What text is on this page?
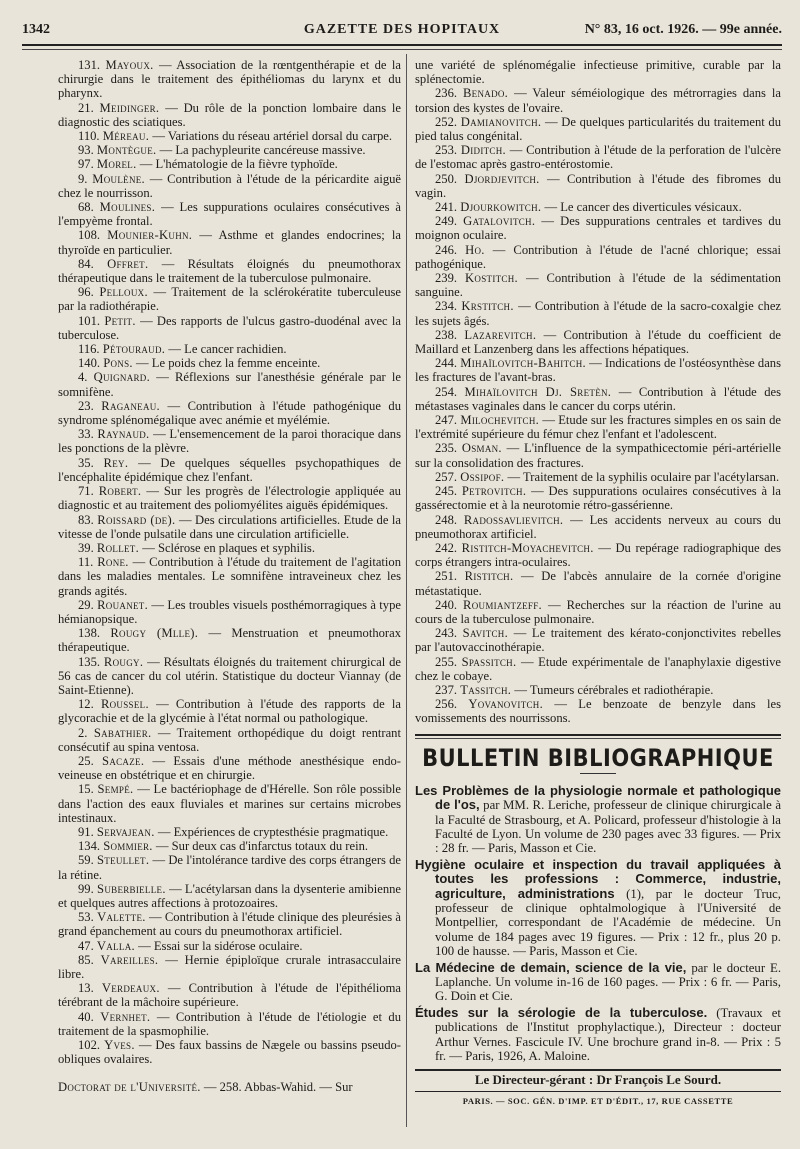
1342	GAZETTE DES HOPITAUX	N° 83, 16 oct. 1926. — 99e année.

131. Mayoux. — Association de la rœntgenthérapie et de la chirurgie dans le traitement des épithéliomas du larynx et du pharynx.

21. Meidinger. — Du rôle de la ponction lombaire dans le diagnostic des sciatiques.

110. Méreau. — Variations du réseau artériel dorsal du carpe.

93. Montègue. — La pachypleurite cancéreuse massive.

97. Morel. — L'hématologie de la fièvre typhoïde.

9. Moulène. — Contribution à l'étude de la péricardite aiguë chez le nourrisson.

68. Moulines. — Les suppurations oculaires consécutives à l'empyème frontal.

108. Mounier-Kuhn. — Asthme et glandes endocrines; la thyroïde en particulier.

84. Offret. — Résultats éloignés du pneumothorax thérapeutique dans le traitement de la tuberculose pulmonaire.

96. Pelloux. — Traitement de la sclérokératite tuberculeuse par la radiothérapie.

101. Petit. — Des rapports de l'ulcus gastro-duodénal avec la tuberculose.

116. Pétouraud. — Le cancer rachidien.

140. Pons. — Le poids chez la femme enceinte.

4. Quignard. — Réflexions sur l'anesthésie générale par le somnifène.

23. Raganeau. — Contribution à l'étude pathogénique du syndrome splénomégalique avec anémie et myélémie.

33. Raynaud. — L'ensemencement de la paroi thoracique dans les ponctions de la plèvre.

35. Rey. — De quelques séquelles psychopathiques de l'encéphalite épidémique chez l'enfant.

71. Robert. — Sur les progrès de l'électrologie appliquée au diagnostic et au traitement des poliomyélites aiguës épidémiques.

83. Roissard (de). — Des circulations artificielles. Etude de la vitesse de l'onde pulsatile dans une circulation artificielle.

39. Rollet. — Sclérose en plaques et syphilis.

11. Rone. — Contribution à l'étude du traitement de l'agitation dans les maladies mentales. Le somnifène intraveineux chez les grands agités.

29. Rouanet. — Les troubles visuels posthémorragiques à type hémianopsique.

138. Rougy (Mlle). — Menstruation et pneumothorax thérapeutique.

135. Rougy. — Résultats éloignés du traitement chirurgical de 56 cas de cancer du col utérin. Statistique du docteur Viannay (de Saint-Etienne).

12. Roussel. — Contribution à l'étude des rapports de la glycorachie et de la glycémie à l'état normal ou pathologique.

2. Sabathier. — Traitement orthopédique du doigt rentrant consécutif au spina ventosa.

25. Sacaze. — Essais d'une méthode anesthésique endo-veineuse en obstétrique et en chirurgie.

15. Sempé. — Le bactériophage de d'Hérelle. Son rôle possible dans l'action des eaux fluviales et marines sur certains microbes intestinaux.

91. Servajean. — Expériences de cryptesthésie pragmatique.

134. Sommier. — Sur deux cas d'infarctus totaux du rein.

59. Steullet. — De l'intolérance tardive des corps étrangers de la rétine.

99. Suberbielle. — L'acétylarsan dans la dysenterie amibienne et quelques autres affections à protozoaires.

53. Valette. — Contribution à l'étude clinique des pleurésies à grand épanchement au cours du pneumothorax artificiel.

47. Valla. — Essai sur la sidérose oculaire.

85. Vareilles. — Hernie épiploïque crurale intrasacculaire libre.

13. Verdeaux. — Contribution à l'étude de l'épithélioma térébrant de la mâchoire supérieure.

40. Vernhet. — Contribution à l'étude de l'étiologie et du traitement de la spasmophilie.

102. Yves. — Des faux bassins de Nægele ou bassins pseudo-obliques ovalaires.

Doctorat de l'Université. — 258. Abbas-Wahid. — Sur

une variété de splénomégalie infectieuse primitive, curable par la splénectomie.

236. Benado. — Valeur séméiologique des métrorragies dans la torsion des kystes de l'ovaire.

252. Damianovitch. — De quelques particularités du traitement du pied talus congénital.

253. Diditch. — Contribution à l'étude de la perforation de l'ulcère de l'estomac après gastro-entérostomie.

250. Djordjevitch. — Contribution à l'étude des fibromes du vagin.

241. Djourkowitch. — Le cancer des diverticules vésicaux.

249. Gatalovitch. — Des suppurations centrales et tardives du moignon oculaire.

246. Ho. — Contribution à l'étude de l'acné chlorique; essai pathogénique.

239. Kostitch. — Contribution à l'étude de la sédimentation sanguine.

234. Krstitch. — Contribution à l'étude de la sacro-coxalgie chez les sujets âgés.

238. Lazarevitch. — Contribution à l'étude du coefficient de Maillard et Lanzenberg dans les affections hépatiques.

244. Mihaïlovitch-Bahitch. — Indications de l'ostéosynthèse dans les fractures de l'avant-bras.

254. Mihaïlovitch Dj. Sretèn. — Contribution à l'étude des métastases vaginales dans le cancer du corps utérin.

247. Milochevitch. — Etude sur les fractures simples en os sain de l'extrémité supérieure du fémur chez l'enfant et l'adolescent.

235. Osman. — L'influence de la sympathicectomie péri-artérielle sur la consolidation des fractures.

257. Ossipof. — Traitement de la syphilis oculaire par l'acétylarsan.

245. Petrovitch. — Des suppurations oculaires consécutives à la gassérectomie et à la neurotomie rétro-gassérienne.

248. Radossavlievitch. — Les accidents nerveux au cours du pneumothorax artificiel.

242. Ristitch-Moyachevitch. — Du repérage radiographique des corps étrangers intra-oculaires.

251. Ristitch. — De l'abcès annulaire de la cornée d'origine métastatique.

240. Roumiantzeff. — Recherches sur la réaction de l'urine au cours de la tuberculose pulmonaire.

243. Savitch. — Le traitement des kérato-conjonctivites rebelles par l'autovaccinothérapie.

255. Spassitch. — Etude expérimentale de l'anaphylaxie digestive chez le cobaye.

237. Tassitch. — Tumeurs cérébrales et radiothérapie.

256. Yovanovitch. — Le benzoate de benzyle dans les vomissements des nourrissons.

BULLETIN BIBLIOGRAPHIQUE

Les Problèmes de la physiologie normale et pathologique de l'os, par MM. R. Leriche, professeur de clinique chirurgicale à la Faculté de Strasbourg, et A. Policard, professeur d'histologie à la Faculté de Lyon. Un volume de 230 pages avec 33 figures. — Prix : 28 fr. — Paris, Masson et Cie.

Hygiène oculaire et inspection du travail appliquées à toutes les professions : Commerce, industrie, agriculture, administrations (1), par le docteur Truc, professeur de clinique ophtalmologique à l'Université de Montpellier, correspondant de l'Académie de médecine. Un volume de 184 pages avec 19 figures. — Prix : 12 fr., plus 20 p. 100 de hausse. — Paris, Masson et Cie.

La Médecine de demain, science de la vie, par le docteur E. Laplanche. Un volume in-16 de 160 pages. — Prix : 6 fr. — Paris, G. Doin et Cie.

Études sur la sérologie de la tuberculose. (Travaux et publications de l'Institut prophylactique.), Directeur : docteur Arthur Vernes. Fascicule IV. Une brochure grand in-8. — Prix : 5 fr. — Paris, 1926, A. Maloine.

Le Directeur-gérant : Dr François Le Sourd.

PARIS. — SOC. GÉN. D'IMP. ET D'ÉDIT., 17, RUE CASSETTE
